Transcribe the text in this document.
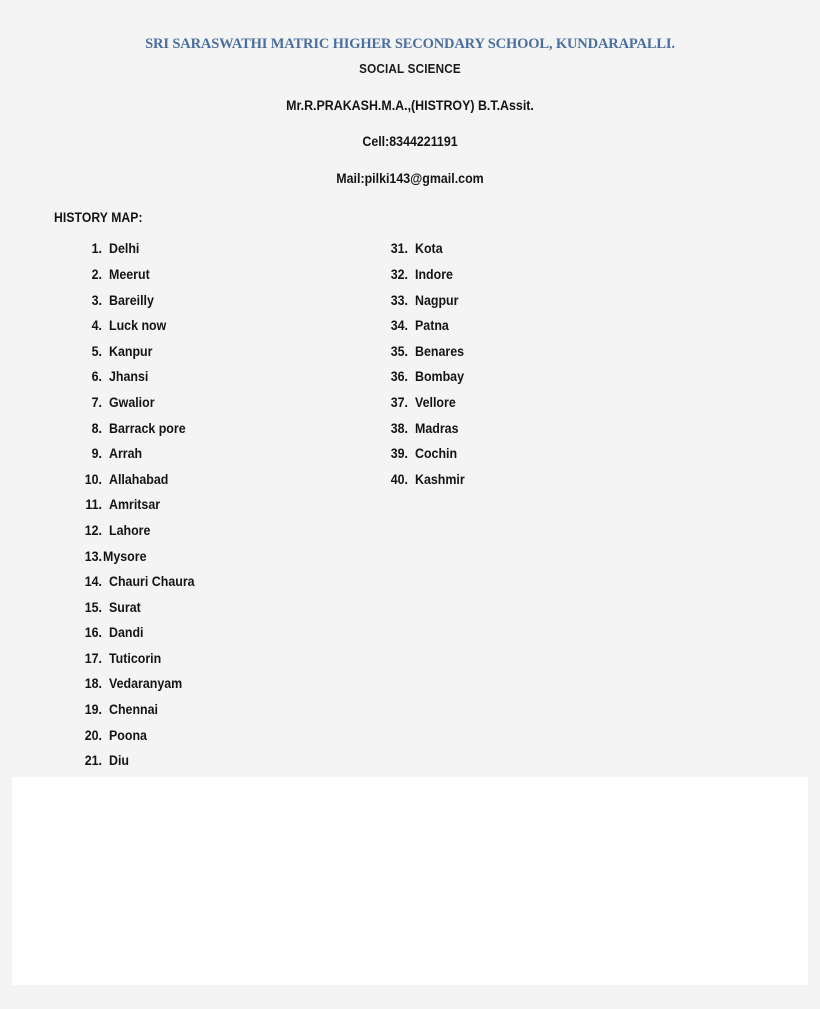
SRI SARASWATHI MATRIC HIGHER SECONDARY SCHOOL, KUNDARAPALLI.
SOCIAL SCIENCE
Mr.R.PRAKASH.M.A.,(HISTROY) B.T.Assit.
Cell:8344221191
Mail:pilki143@gmail.com
HISTORY MAP:
1. Delhi
2. Meerut
3. Bareilly
4. Luck now
5. Kanpur
6. Jhansi
7. Gwalior
8. Barrack pore
9. Arrah
10. Allahabad
11. Amritsar
12. Lahore
13. Mysore
14. Chauri Chaura
15. Surat
16. Dandi
17. Tuticorin
18. Vedaranyam
19. Chennai
20. Poona
21. Diu
31. Kota
32. Indore
33. Nagpur
34. Patna
35. Benares
36. Bombay
37. Vellore
38. Madras
39. Cochin
40. Kashmir
